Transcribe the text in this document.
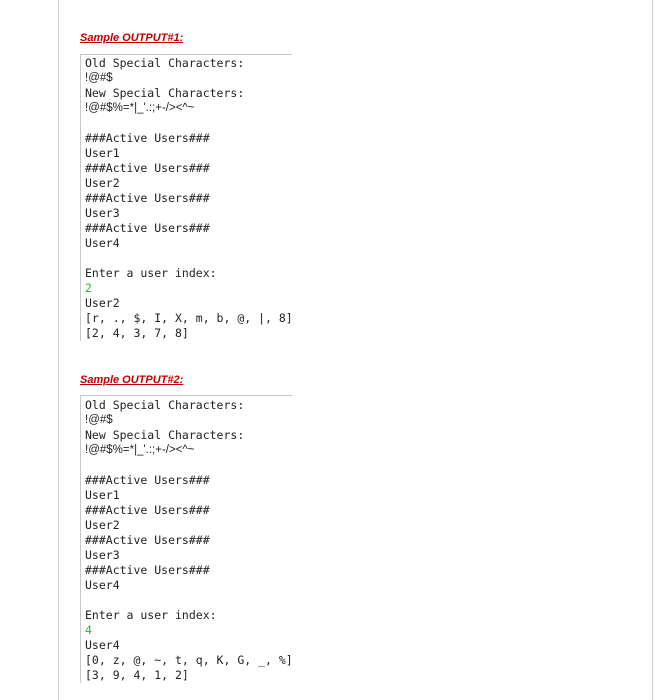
Sample OUTPUT#1:
Old Special Characters:
!@#$
New Special Characters:
!@#$%=*|_'.:;+-/><^~
###Active Users###
User1
###Active Users###
User2
###Active Users###
User3
###Active Users###
User4
Enter a user index:
2
User2
[r, ., $, I, X, m, b, @, |, 8]
[2, 4, 3, 7, 8]
Sample OUTPUT#2:
Old Special Characters:
!@#$
New Special Characters:
!@#$%=*|_'.:;+-/><^~
###Active Users###
User1
###Active Users###
User2
###Active Users###
User3
###Active Users###
User4
Enter a user index:
4
User4
[0, z, @, ~, t, q, K, G, _, %]
[3, 9, 4, 1, 2]
